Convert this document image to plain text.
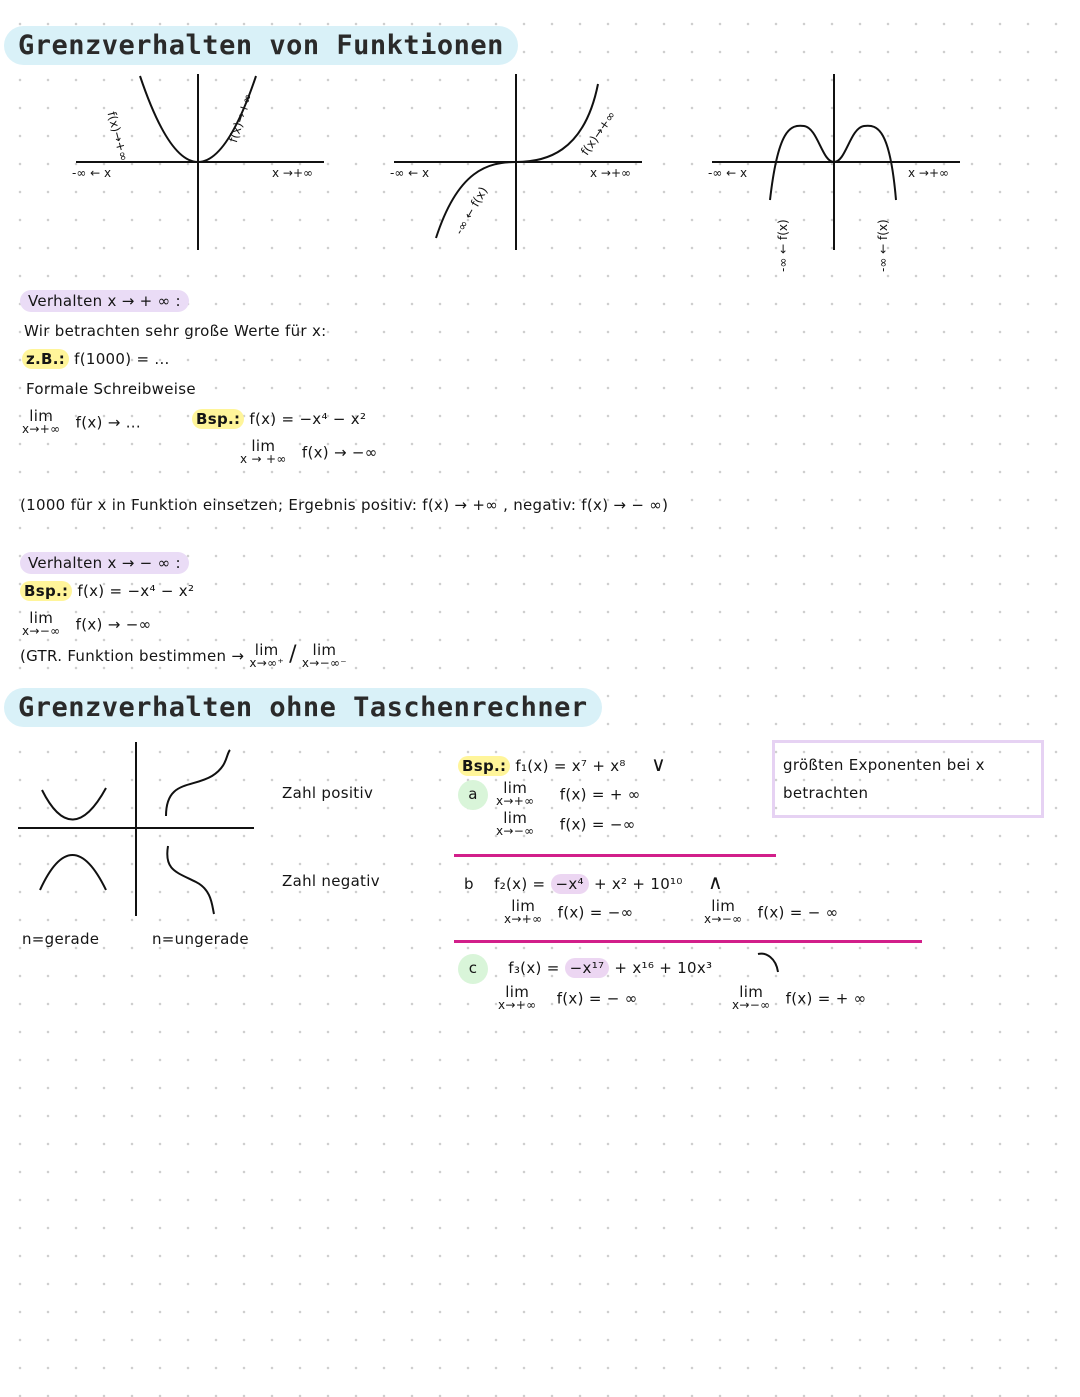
Grenzverhalten von Funktionen
-∞ ← x	x →+∞
f(x)→+∞	f(x)→+∞
-∞ ← x	x →+∞
-∞ ← f(x)
f(x)→+∞
-∞ ← x	x →+∞
-∞ ← f(x)	-∞ ← f(x)
Verhalten x → + ∞ :
Wir betrachten sehr große Werte für x:
z.B.: f(1000) = ...
Formale Schreibweise
lim
x→+∞ f(x) → ...	Bsp.: f(x) = −x⁴ − x²
lim
x → +∞ f(x) → −∞
(1000 für x in Funktion einsetzen; Ergebnis positiv: f(x) → +∞ , negativ: f(x) → − ∞)
Verhalten x → − ∞ :
Bsp.: f(x) = −x⁴ − x²
lim
x→−∞ f(x) → −∞
(GTR. Funktion bestimmen → lim
x→∞⁺ / lim
x→−∞⁻
Grenzverhalten ohne Taschenrechner
Zahl positiv
Zahl negativ
n=gerade	n=ungerade
größten Exponenten bei x betrachten
Bsp.: f₁(x) = x⁷ + x⁸ ∨
a	lim
x→+∞ f(x) = + ∞
lim
x→−∞ f(x) = −∞
b f₂(x) = −x⁴ + x² + 10¹⁰ ∧
lim
x→+∞ f(x) = −∞	lim
x→−∞ f(x) = − ∞
c f₃(x) = −x¹⁷ + x¹⁶ + 10x³
lim
x→+∞ f(x) = − ∞	lim
x→−∞ f(x) = + ∞
